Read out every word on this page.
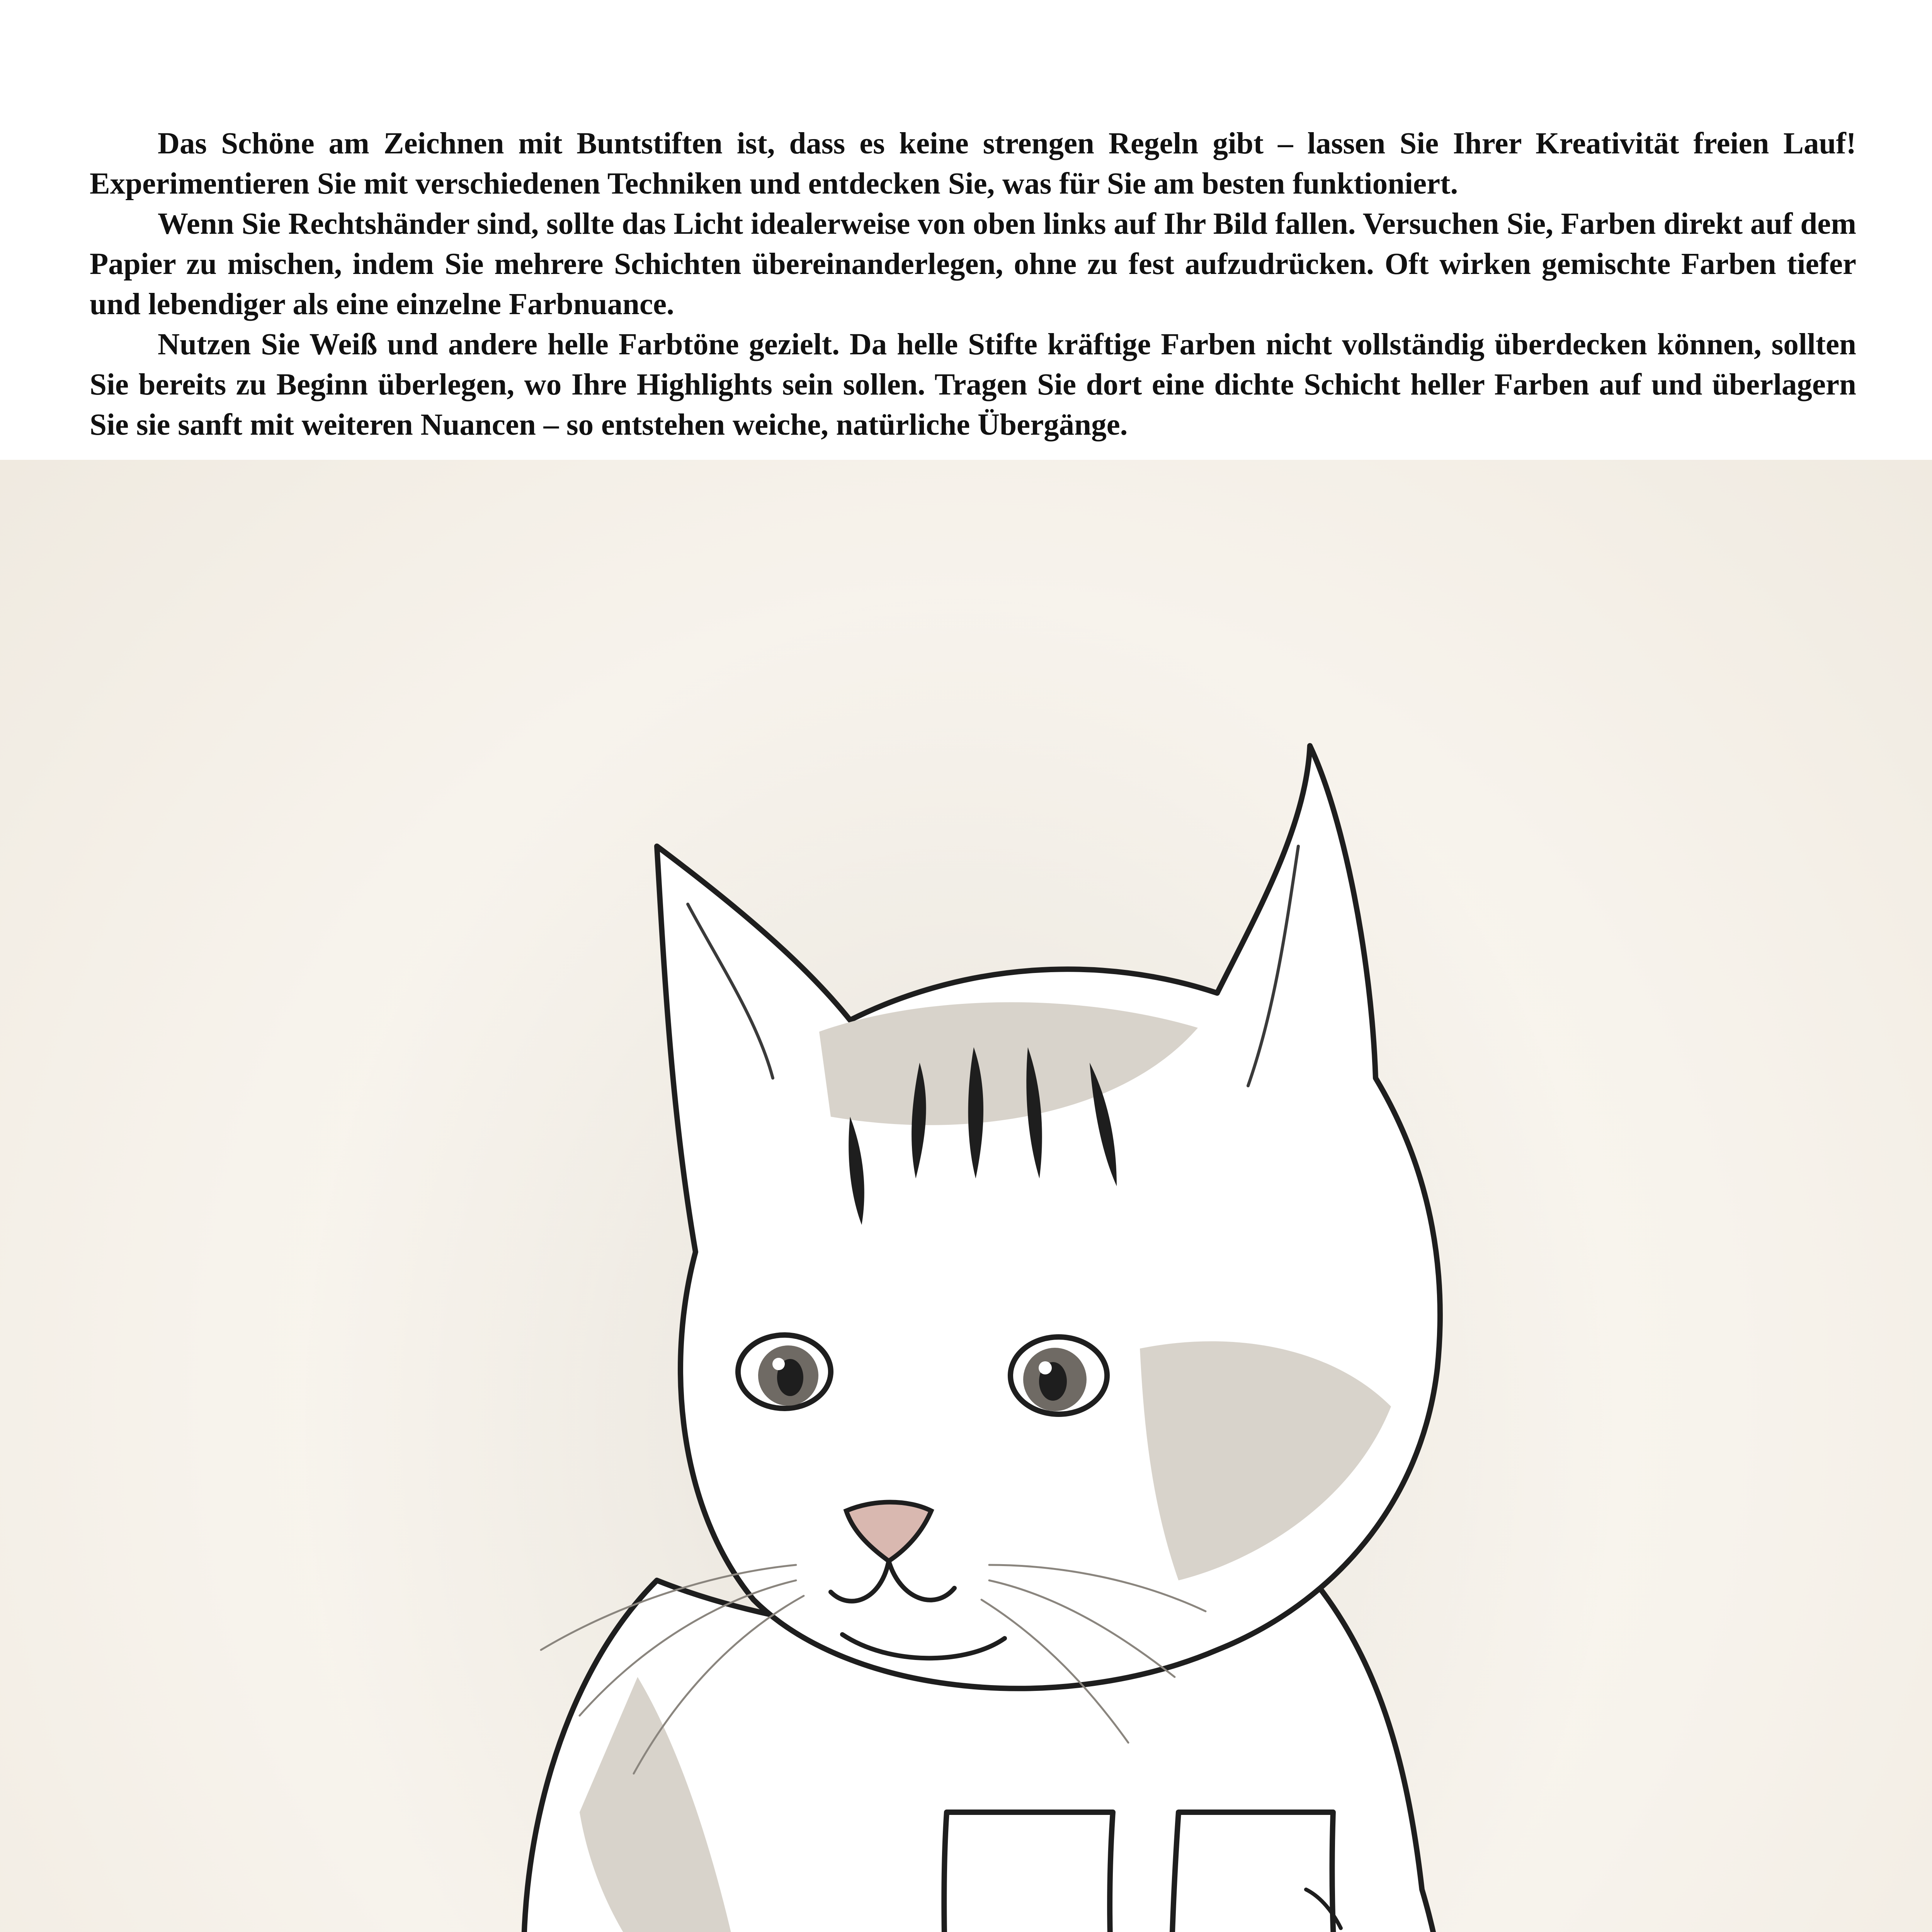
Das Schöne am Zeichnen mit Buntstiften ist, dass es keine strengen Regeln gibt – lassen Sie Ihrer Kreativität freien Lauf! Experimentieren Sie mit verschiedenen Techniken und entdecken Sie, was für Sie am besten funktioniert.

Wenn Sie Rechtshänder sind, sollte das Licht idealerweise von oben links auf Ihr Bild fallen. Versuchen Sie, Farben direkt auf dem Papier zu mischen, indem Sie mehrere Schichten übereinanderlegen, ohne zu fest aufzudrücken. Oft wirken gemischte Farben tiefer und lebendiger als eine einzelne Farbnuance.

Nutzen Sie Weiß und andere helle Farbtöne gezielt. Da helle Stifte kräftige Farben nicht vollständig überdecken können, sollten Sie bereits zu Beginn überlegen, wo Ihre Highlights sein sollen. Tragen Sie dort eine dichte Schicht heller Farben auf und überlagern Sie sie sanft mit weiteren Nuancen – so entstehen weiche, natürliche Übergänge.
